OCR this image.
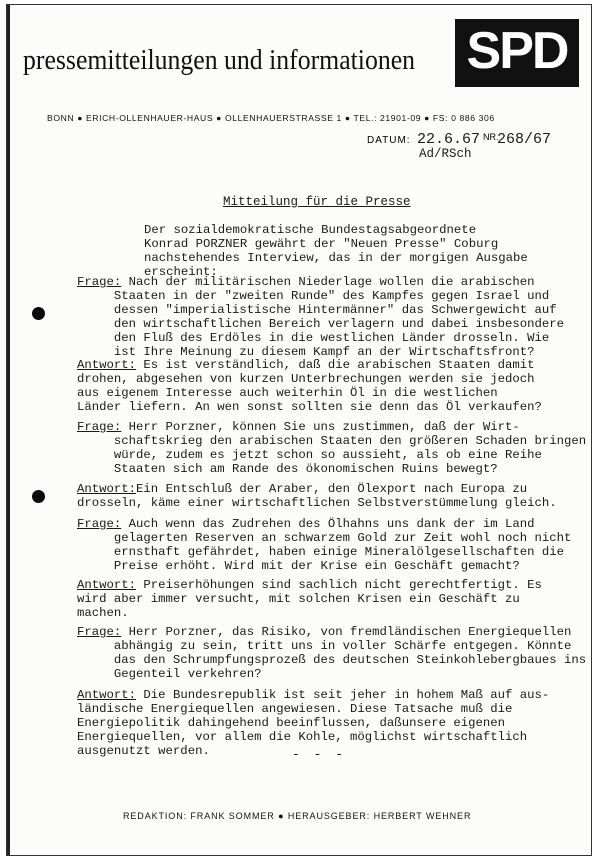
pressemitteilungen und informationen SPD
BONN ● ERICH-OLLENHAUER-HAUS ● OLLENHAUERSTRASSE 1 ● TEL.: 21901-09 ● FS: 0 886 306
DATUM: 22.6.67 NR.
268/67
Ad/RSch
Mitteilung für die Presse
Der sozialdemokratische Bundestagsabgeordnete
Konrad PORZNER gewährt der "Neuen Presse" Coburg
nachstehendes Interview, das in der morgigen Ausgabe
erscheint:
Frage: Nach der militärischen Niederlage wollen die arabischen
Staaten in der "zweiten Runde" des Kampfes gegen Israel und
dessen "imperialistische Hintermänner" das Schwergewicht auf
den wirtschaftlichen Bereich verlagern und dabei insbesondere
den Fluß des Erdöles in die westlichen Länder drosseln. Wie
ist Ihre Meinung zu diesem Kampf an der Wirtschaftsfront?
Antwort: Es ist verständlich, daß die arabischen Staaten damit
drohen, abgesehen von kurzen Unterbrechungen werden sie jedoch
aus eigenem Interesse auch weiterhin Öl in die westlichen
Länder liefern. An wen sonst sollten sie denn das Öl verkaufen?
Frage: Herr Porzner, können Sie uns zustimmen, daß der Wirt-
schaftskrieg den arabischen Staaten den größeren Schaden bringen
würde, zudem es jetzt schon so aussieht, als ob eine Reihe
Staaten sich am Rande des ökonomischen Ruins bewegt?
Antwort:Ein Entschluß der Araber, den Ölexport nach Europa zu
drosseln, käme einer wirtschaftlichen Selbstverstümmelung gleich.
Frage: Auch wenn das Zudrehen des Ölhahns uns dank der im Land
gelagerten Reserven an schwarzem Gold zur Zeit wohl noch nicht
ernsthaft gefährdet, haben einige Mineralölgesellschaften die
Preise erhöht. Wird mit der Krise ein Geschäft gemacht?
Antwort: Preiserhöhungen sind sachlich nicht gerechtfertigt. Es
wird aber immer versucht, mit solchen Krisen ein Geschäft zu
machen.
Frage: Herr Porzner, das Risiko, von fremdländischen Energiequellen
abhängig zu sein, tritt uns in voller Schärfe entgegen. Könnte
das den Schrumpfungsprozeß des deutschen Steinkohlebergbaues ins
Gegenteil verkehren?
Antwort: Die Bundesrepublik ist seit jeher in hohem Maß auf aus-
ländische Energiequellen angewiesen. Diese Tatsache muß die
Energiepolitik dahingehend beeinflussen, daßunsere eigenen
Energiequellen, vor allem die Kohle, möglichst wirtschaftlich
ausgenutzt werden.	- - -
REDAKTION: FRANK SOMMER ● HERAUSGEBER: HERBERT WEHNER
